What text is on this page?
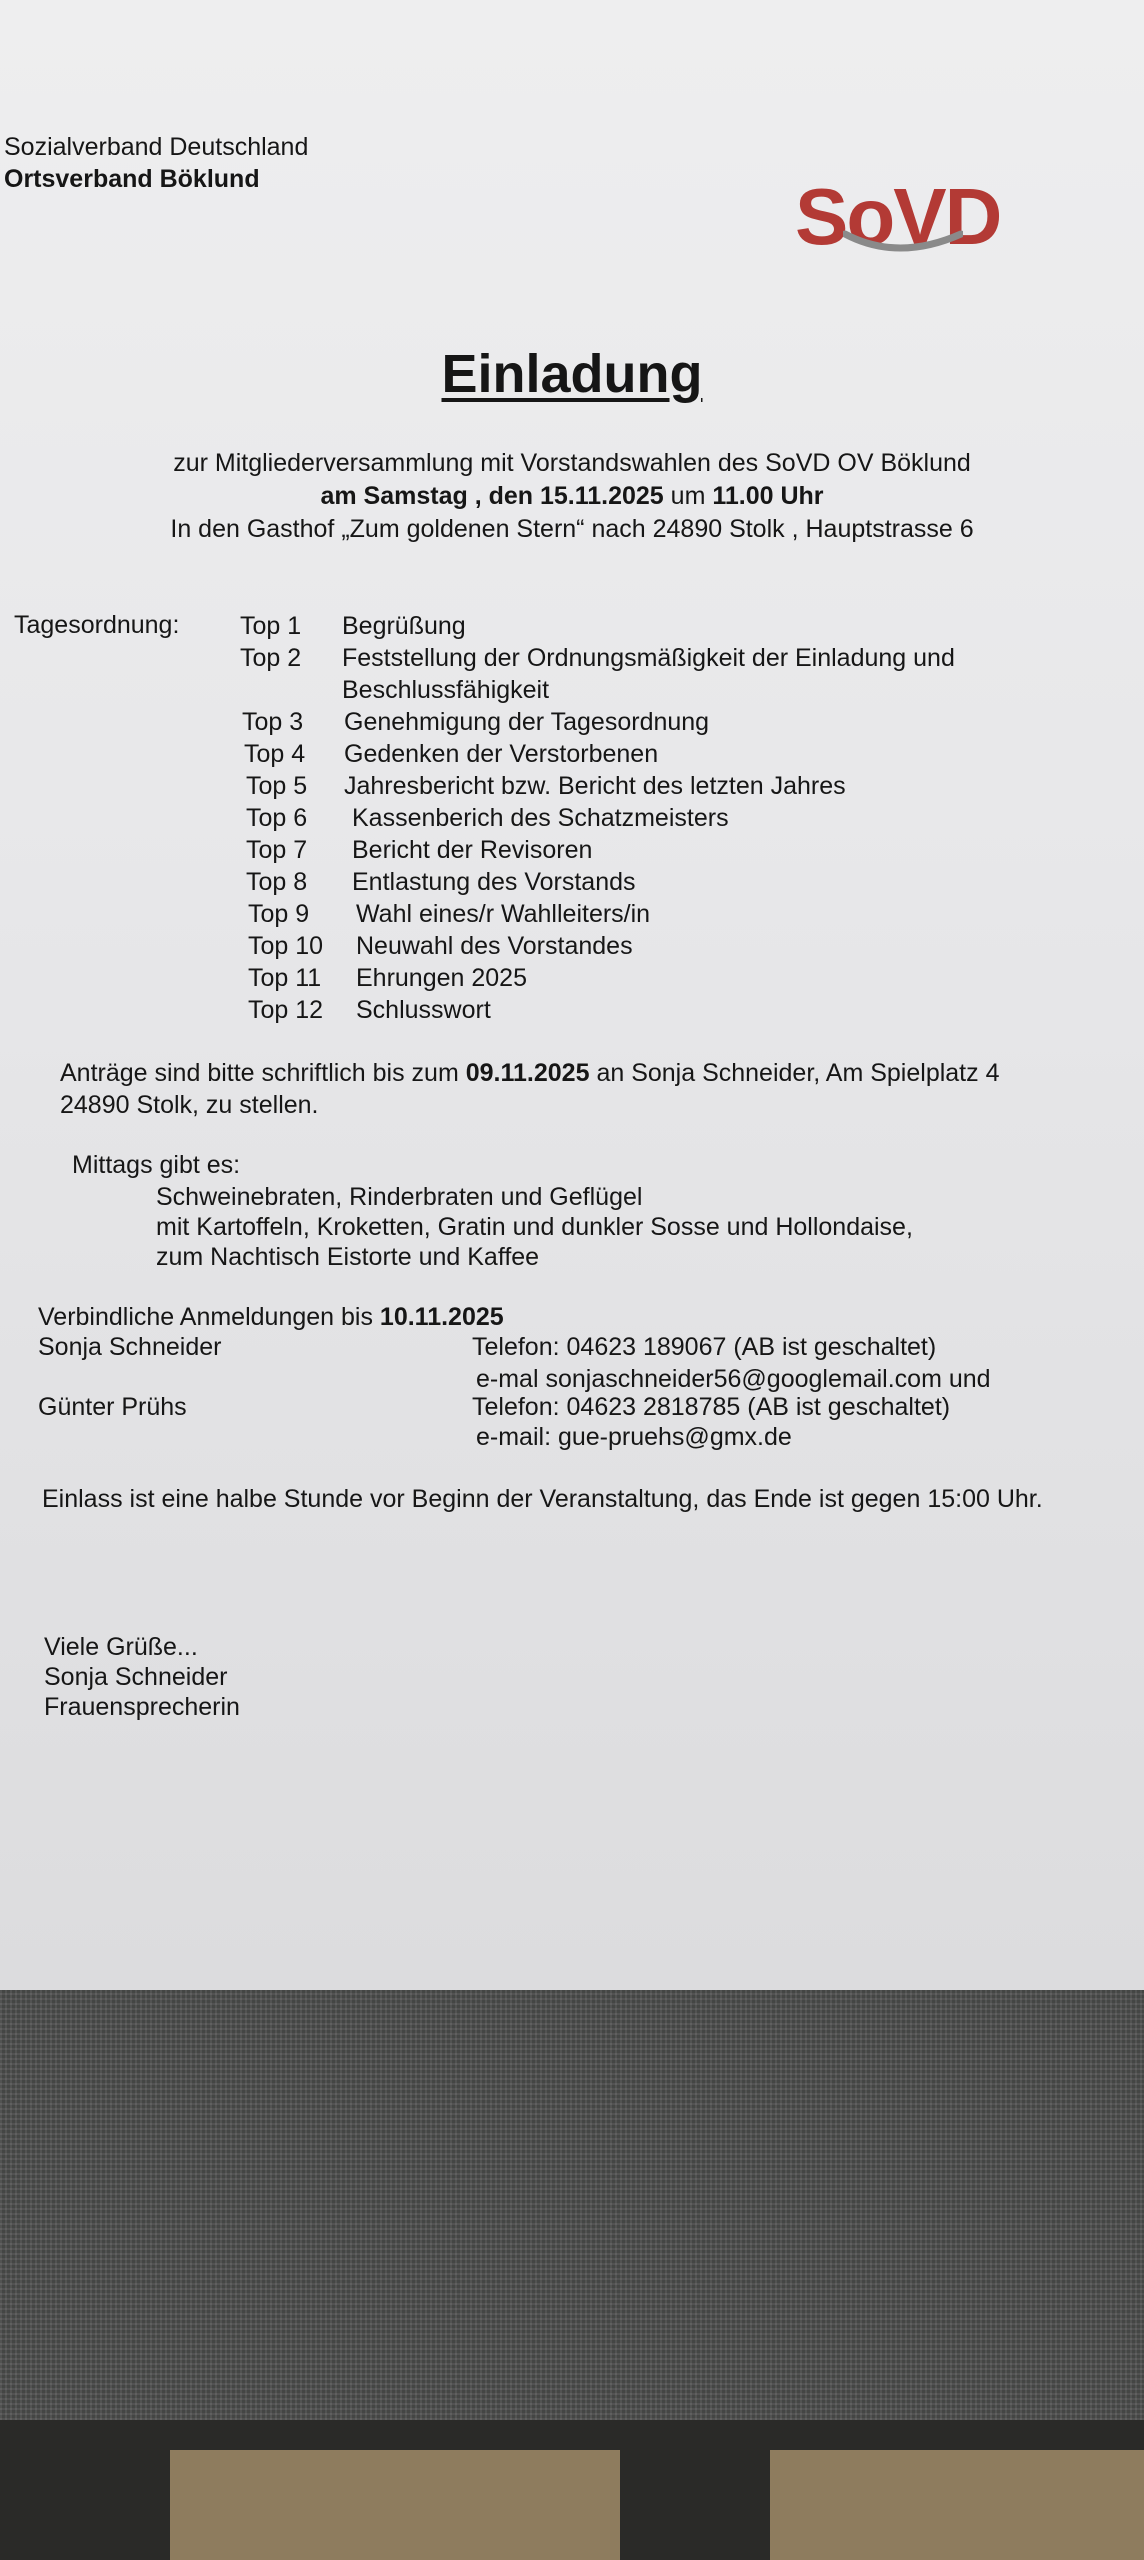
Sozialverband Deutschland
Ortsverband Böklund	SoVD
Einladung
zur Mitgliederversammlung mit Vorstandswahlen des SoVD OV Böklund
am Samstag , den 15.11.2025 um 11.00 Uhr
In den Gasthof „Zum goldenen Stern“ nach 24890 Stolk , Hauptstrasse 6
Tagesordnung: Top 1 Begrüßung
Top 2 Feststellung der Ordnungsmäßigkeit der Einladung und
Beschlussfähigkeit
Top 3 Genehmigung der Tagesordnung
Top 4 Gedenken der Verstorbenen
Top 5 Jahresbericht bzw. Bericht des letzten Jahres
Top 6 Kassenberich des Schatzmeisters
Top 7 Bericht der Revisoren
Top 8 Entlastung des Vorstands
Top 9 Wahl eines/r Wahlleiters/in
Top 10 Neuwahl des Vorstandes
Top 11 Ehrungen 2025
Top 12 Schlusswort
Anträge sind bitte schriftlich bis zum 09.11.2025 an Sonja Schneider, Am Spielplatz 4
24890 Stolk, zu stellen.
Mittags gibt es:
Schweinebraten, Rinderbraten und Geflügel
mit Kartoffeln, Kroketten, Gratin und dunkler Sosse und Hollondaise,
zum Nachtisch Eistorte und Kaffee
Verbindliche Anmeldungen bis 10.11.2025
Sonja Schneider	Telefon: 04623 189067 (AB ist geschaltet)
e-mal sonjaschneider56@googlemail.com und
Günter Prühs	Telefon: 04623 2818785 (AB ist geschaltet)
e-mail: gue-pruehs@gmx.de
Einlass ist eine halbe Stunde vor Beginn der Veranstaltung, das Ende ist gegen 15:00 Uhr.
Viele Grüße...
Sonja Schneider
Frauensprecherin
